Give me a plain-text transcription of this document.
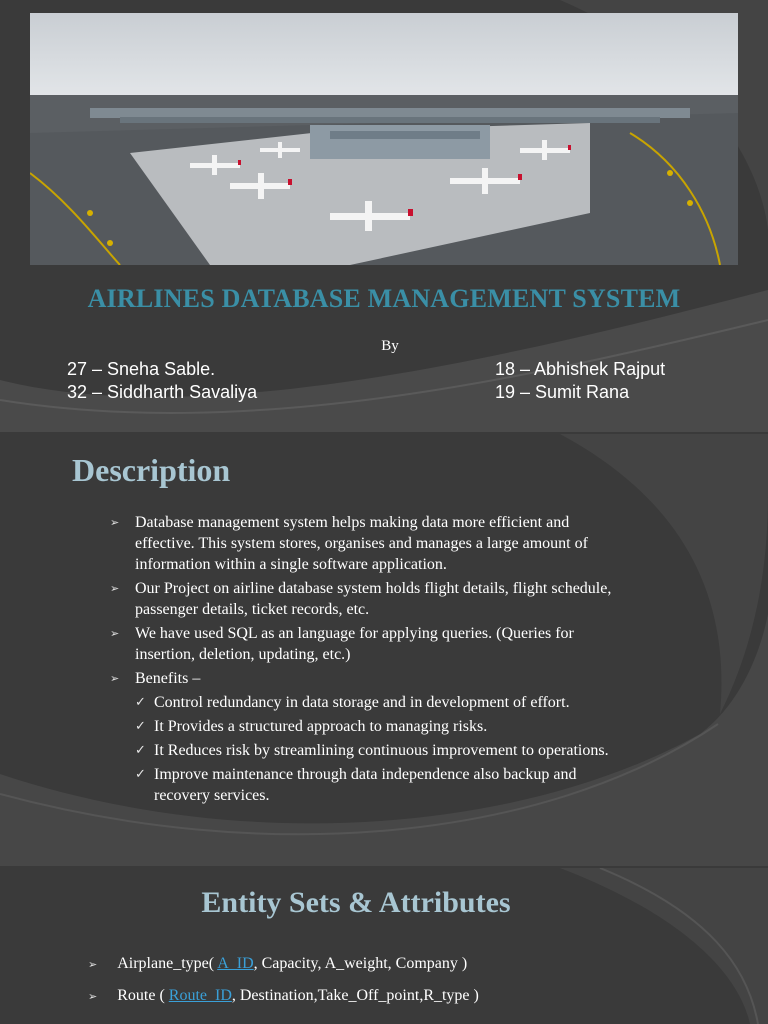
AIRLINES DATABASE MANAGEMENT SYSTEM
By
27 – Sneha Sable.
32 – Siddharth Savaliya
18 – Abhishek Rajput
19 – Sumit Rana
Description
➢ Database management system helps making data more efficient and effective. This system stores, organises and manages a large amount of information within a single software application.
➢ Our Project on airline database system holds flight details, flight schedule, passenger details, ticket records, etc.
➢ We have used SQL as an language for applying queries. (Queries for insertion, deletion, updating, etc.)
➢ Benefits –
✓ Control redundancy in data storage and in development of effort.
✓ It Provides a structured approach to managing risks.
✓ It Reduces risk by streamlining continuous improvement to operations.
✓ Improve maintenance through data independence also backup and recovery services.
Entity Sets & Attributes
➢ Airplane_type( A_ID, Capacity, A_weight, Company )
➢ Route ( Route_ID, Destination,Take_Off_point,R_type )
